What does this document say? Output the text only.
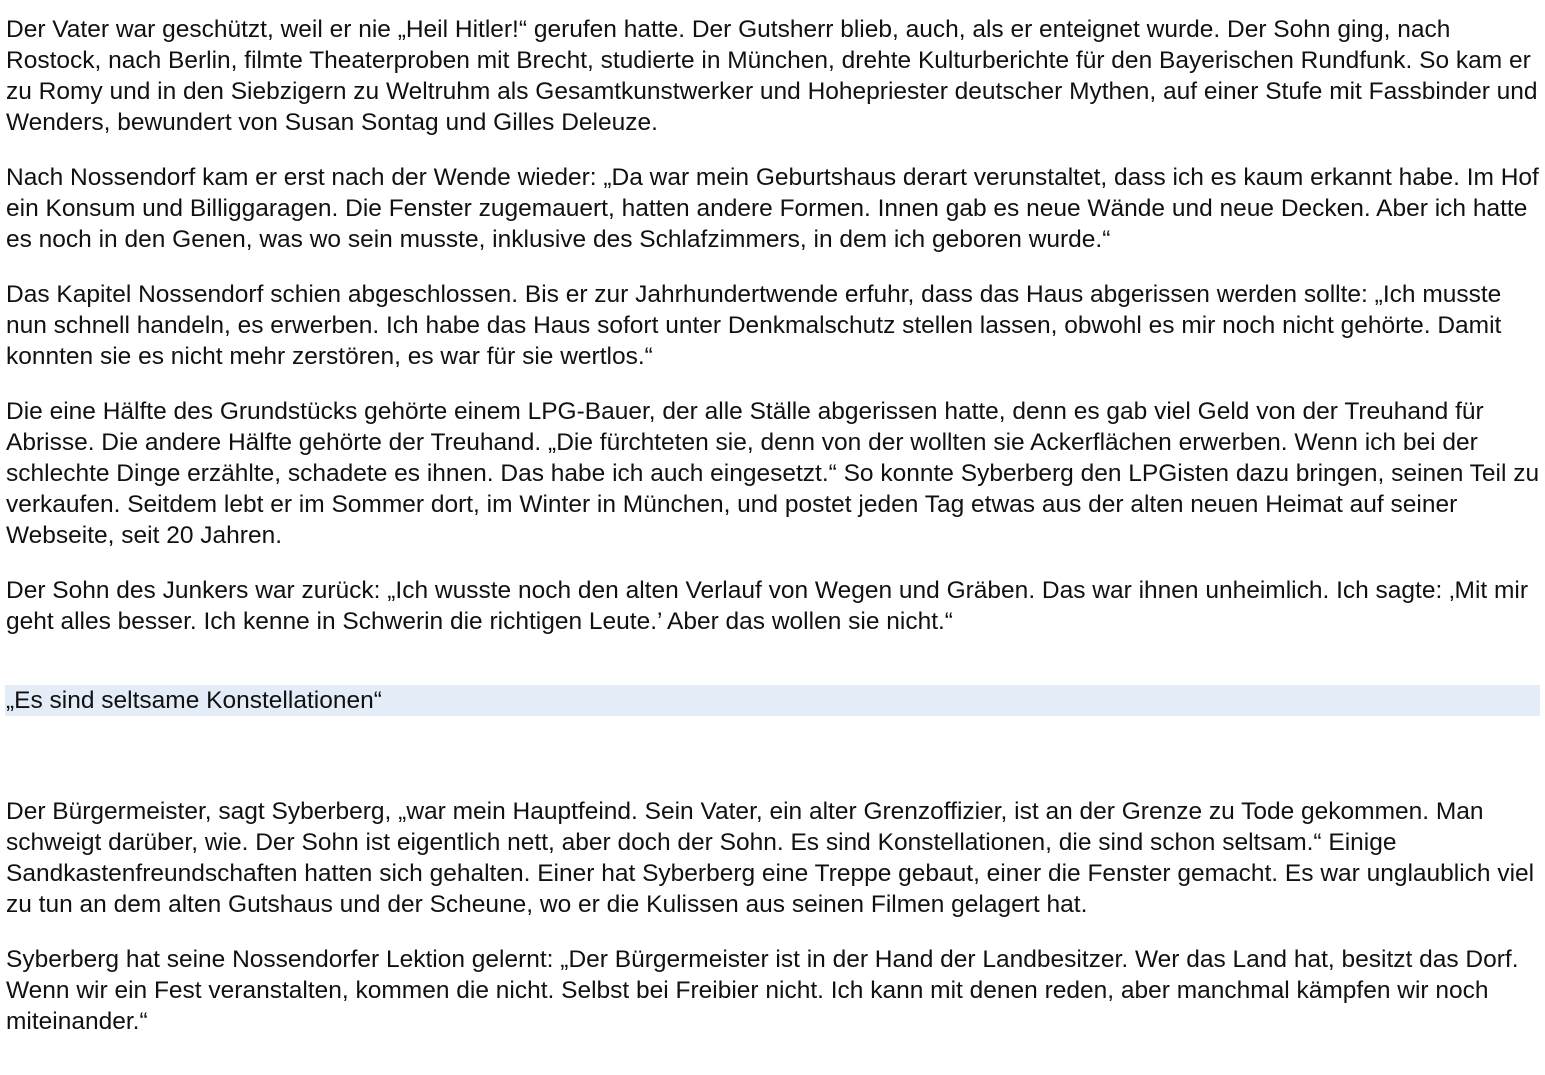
Der Vater war geschützt, weil er nie „Heil Hitler!“ gerufen hatte. Der Gutsherr blieb, auch, als er enteignet wurde. Der Sohn ging, nach Rostock, nach Berlin, filmte Theaterproben mit Brecht, studierte in München, drehte Kulturberichte für den Bayerischen Rundfunk. So kam er zu Romy und in den Siebzigern zu Weltruhm als Gesamtkunstwerker und Hohepriester deutscher Mythen, auf einer Stufe mit Fassbinder und Wenders, bewundert von Susan Sontag und Gilles Deleuze.

Nach Nossendorf kam er erst nach der Wende wieder: „Da war mein Geburtshaus derart verunstaltet, dass ich es kaum erkannt habe. Im Hof ein Konsum und Billiggaragen. Die Fenster zugemauert, hatten andere Formen. Innen gab es neue Wände und neue Decken. Aber ich hatte es noch in den Genen, was wo sein musste, inklusive des Schlafzimmers, in dem ich geboren wurde.“

Das Kapitel Nossendorf schien abgeschlossen. Bis er zur Jahrhundertwende erfuhr, dass das Haus abgerissen werden sollte: „Ich musste nun schnell handeln, es erwerben. Ich habe das Haus sofort unter Denkmalschutz stellen lassen, obwohl es mir noch nicht gehörte. Damit konnten sie es nicht mehr zerstören, es war für sie wertlos.“

Die eine Hälfte des Grundstücks gehörte einem LPG-Bauer, der alle Ställe abgerissen hatte, denn es gab viel Geld von der Treuhand für Abrisse. Die andere Hälfte gehörte der Treuhand. „Die fürchteten sie, denn von der wollten sie Ackerflächen erwerben. Wenn ich bei der schlechte Dinge erzählte, schadete es ihnen. Das habe ich auch eingesetzt.“ So konnte Syberberg den LPGisten dazu bringen, seinen Teil zu verkaufen. Seitdem lebt er im Sommer dort, im Winter in München, und postet jeden Tag etwas aus der alten neuen Heimat auf seiner Webseite, seit 20 Jahren.

Der Sohn des Junkers war zurück: „Ich wusste noch den alten Verlauf von Wegen und Gräben. Das war ihnen unheimlich. Ich sagte: ‚Mit mir geht alles besser. Ich kenne in Schwerin die richtigen Leute.’ Aber das wollen sie nicht.“

„Es sind seltsame Konstellationen“

Der Bürgermeister, sagt Syberberg, „war mein Hauptfeind. Sein Vater, ein alter Grenzoffizier, ist an der Grenze zu Tode gekommen. Man schweigt darüber, wie. Der Sohn ist eigentlich nett, aber doch der Sohn. Es sind Konstellationen, die sind schon seltsam.“ Einige Sandkastenfreundschaften hatten sich gehalten. Einer hat Syberberg eine Treppe gebaut, einer die Fenster gemacht. Es war unglaublich viel zu tun an dem alten Gutshaus und der Scheune, wo er die Kulissen aus seinen Filmen gelagert hat.

Syberberg hat seine Nossendorfer Lektion gelernt: „Der Bürgermeister ist in der Hand der Landbesitzer. Wer das Land hat, besitzt das Dorf. Wenn wir ein Fest veranstalten, kommen die nicht. Selbst bei Freibier nicht. Ich kann mit denen reden, aber manchmal kämpfen wir noch miteinander.“
